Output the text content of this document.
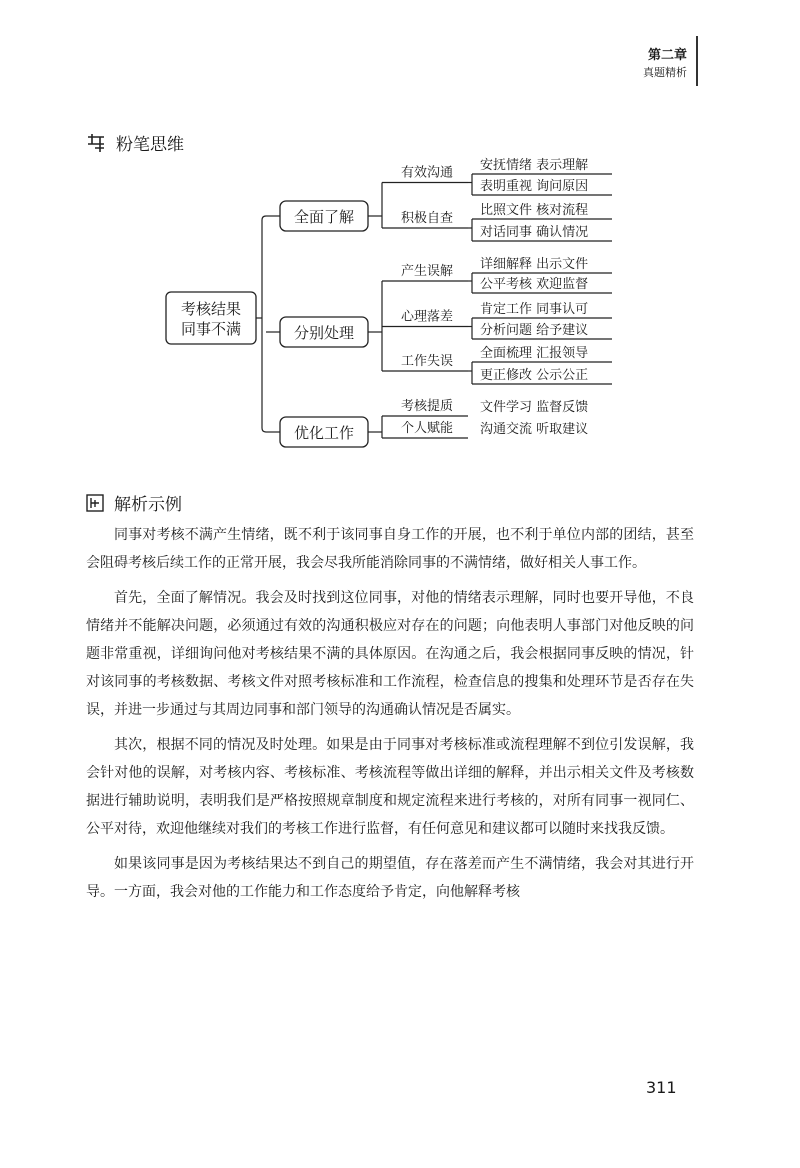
第二章
真题精析
粉笔思维
考核结果
同事不满
全面了解
有效沟通 安抚情绪 表示理解
表明重视 询问原因
积极自查
比照文件 核对流程
对话同事 确认情况
分别处理
产生误解 详细解释 出示文件
公平考核 欢迎监督
心理落差 肯定工作 同事认可
分析问题 给予建议
工作失误
全面梳理 汇报领导
更正修改 公示公正
优化工作
考核提质 文件学习 监督反馈
个人赋能 沟通交流 听取建议
解析示例

同事对考核不满产生情绪，既不利于该同事自身工作的开展，也不利于单位内部的团结，甚至会阻碍考核后续工作的正常开展，我会尽我所能消除同事的不满情绪，做好相关人事工作。

首先，全面了解情况。我会及时找到这位同事，对他的情绪表示理解，同时也要开导他，不良情绪并不能解决问题，必须通过有效的沟通积极应对存在的问题；向他表明人事部门对他反映的问题非常重视，详细询问他对考核结果不满的具体原因。在沟通之后，我会根据同事反映的情况，针对该同事的考核数据、考核文件对照考核标准和工作流程，检查信息的搜集和处理环节是否存在失误，并进一步通过与其周边同事和部门领导的沟通确认情况是否属实。

其次，根据不同的情况及时处理。如果是由于同事对考核标准或流程理解不到位引发误解，我会针对他的误解，对考核内容、考核标准、考核流程等做出详细的解释，并出示相关文件及考核数据进行辅助说明，表明我们是严格按照规章制度和规定流程来进行考核的，对所有同事一视同仁、公平对待，欢迎他继续对我们的考核工作进行监督，有任何意见和建议都可以随时来找我反馈。

如果该同事是因为考核结果达不到自己的期望值，存在落差而产生不满情绪，我会对其进行开导。一方面，我会对他的工作能力和工作态度给予肯定，向他解释考核

311
